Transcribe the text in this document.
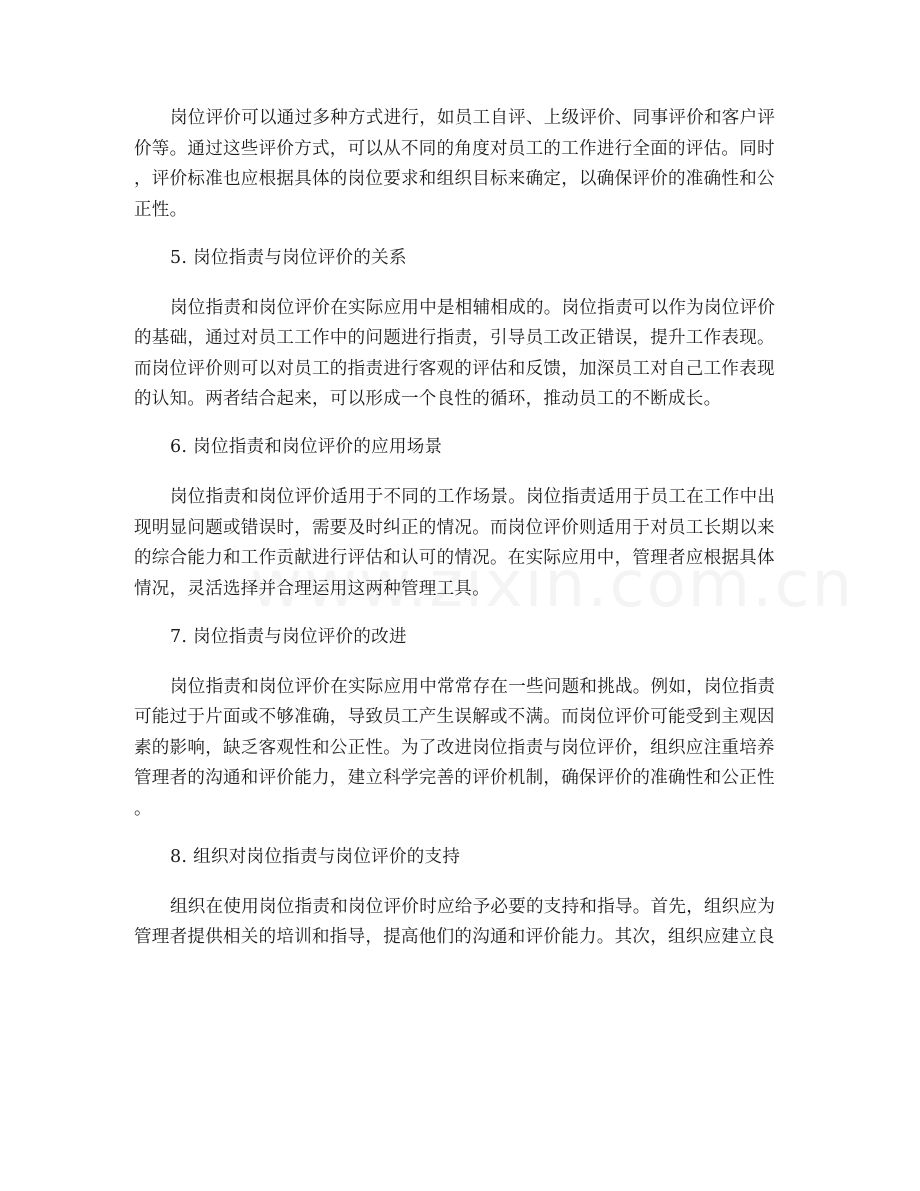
岗位评价可以通过多种方式进行，如员工自评、上级评价、同事评价和客户评
价等。通过这些评价方式，可以从不同的角度对员工的工作进行全面的评估。同时
，评价标准也应根据具体的岗位要求和组织目标来确定，以确保评价的准确性和公
正性。
5. 岗位指责与岗位评价的关系
岗位指责和岗位评价在实际应用中是相辅相成的。岗位指责可以作为岗位评价
的基础，通过对员工工作中的问题进行指责，引导员工改正错误，提升工作表现。
而岗位评价则可以对员工的指责进行客观的评估和反馈，加深员工对自己工作表现
的认知。两者结合起来，可以形成一个良性的循环，推动员工的不断成长。
6. 岗位指责和岗位评价的应用场景
岗位指责和岗位评价适用于不同的工作场景。岗位指责适用于员工在工作中出
现明显问题或错误时，需要及时纠正的情况。而岗位评价则适用于对员工长期以来
的综合能力和工作贡献进行评估和认可的情况。在实际应用中，管理者应根据具体
情况，灵活选择并合理运用这两种管理工具。
7. 岗位指责与岗位评价的改进
岗位指责和岗位评价在实际应用中常常存在一些问题和挑战。例如，岗位指责
可能过于片面或不够准确，导致员工产生误解或不满。而岗位评价可能受到主观因
素的影响，缺乏客观性和公正性。为了改进岗位指责与岗位评价，组织应注重培养
管理者的沟通和评价能力，建立科学完善的评价机制，确保评价的准确性和公正性
。
8. 组织对岗位指责与岗位评价的支持
组织在使用岗位指责和岗位评价时应给予必要的支持和指导。首先，组织应为
管理者提供相关的培训和指导，提高他们的沟通和评价能力。其次，组织应建立良
